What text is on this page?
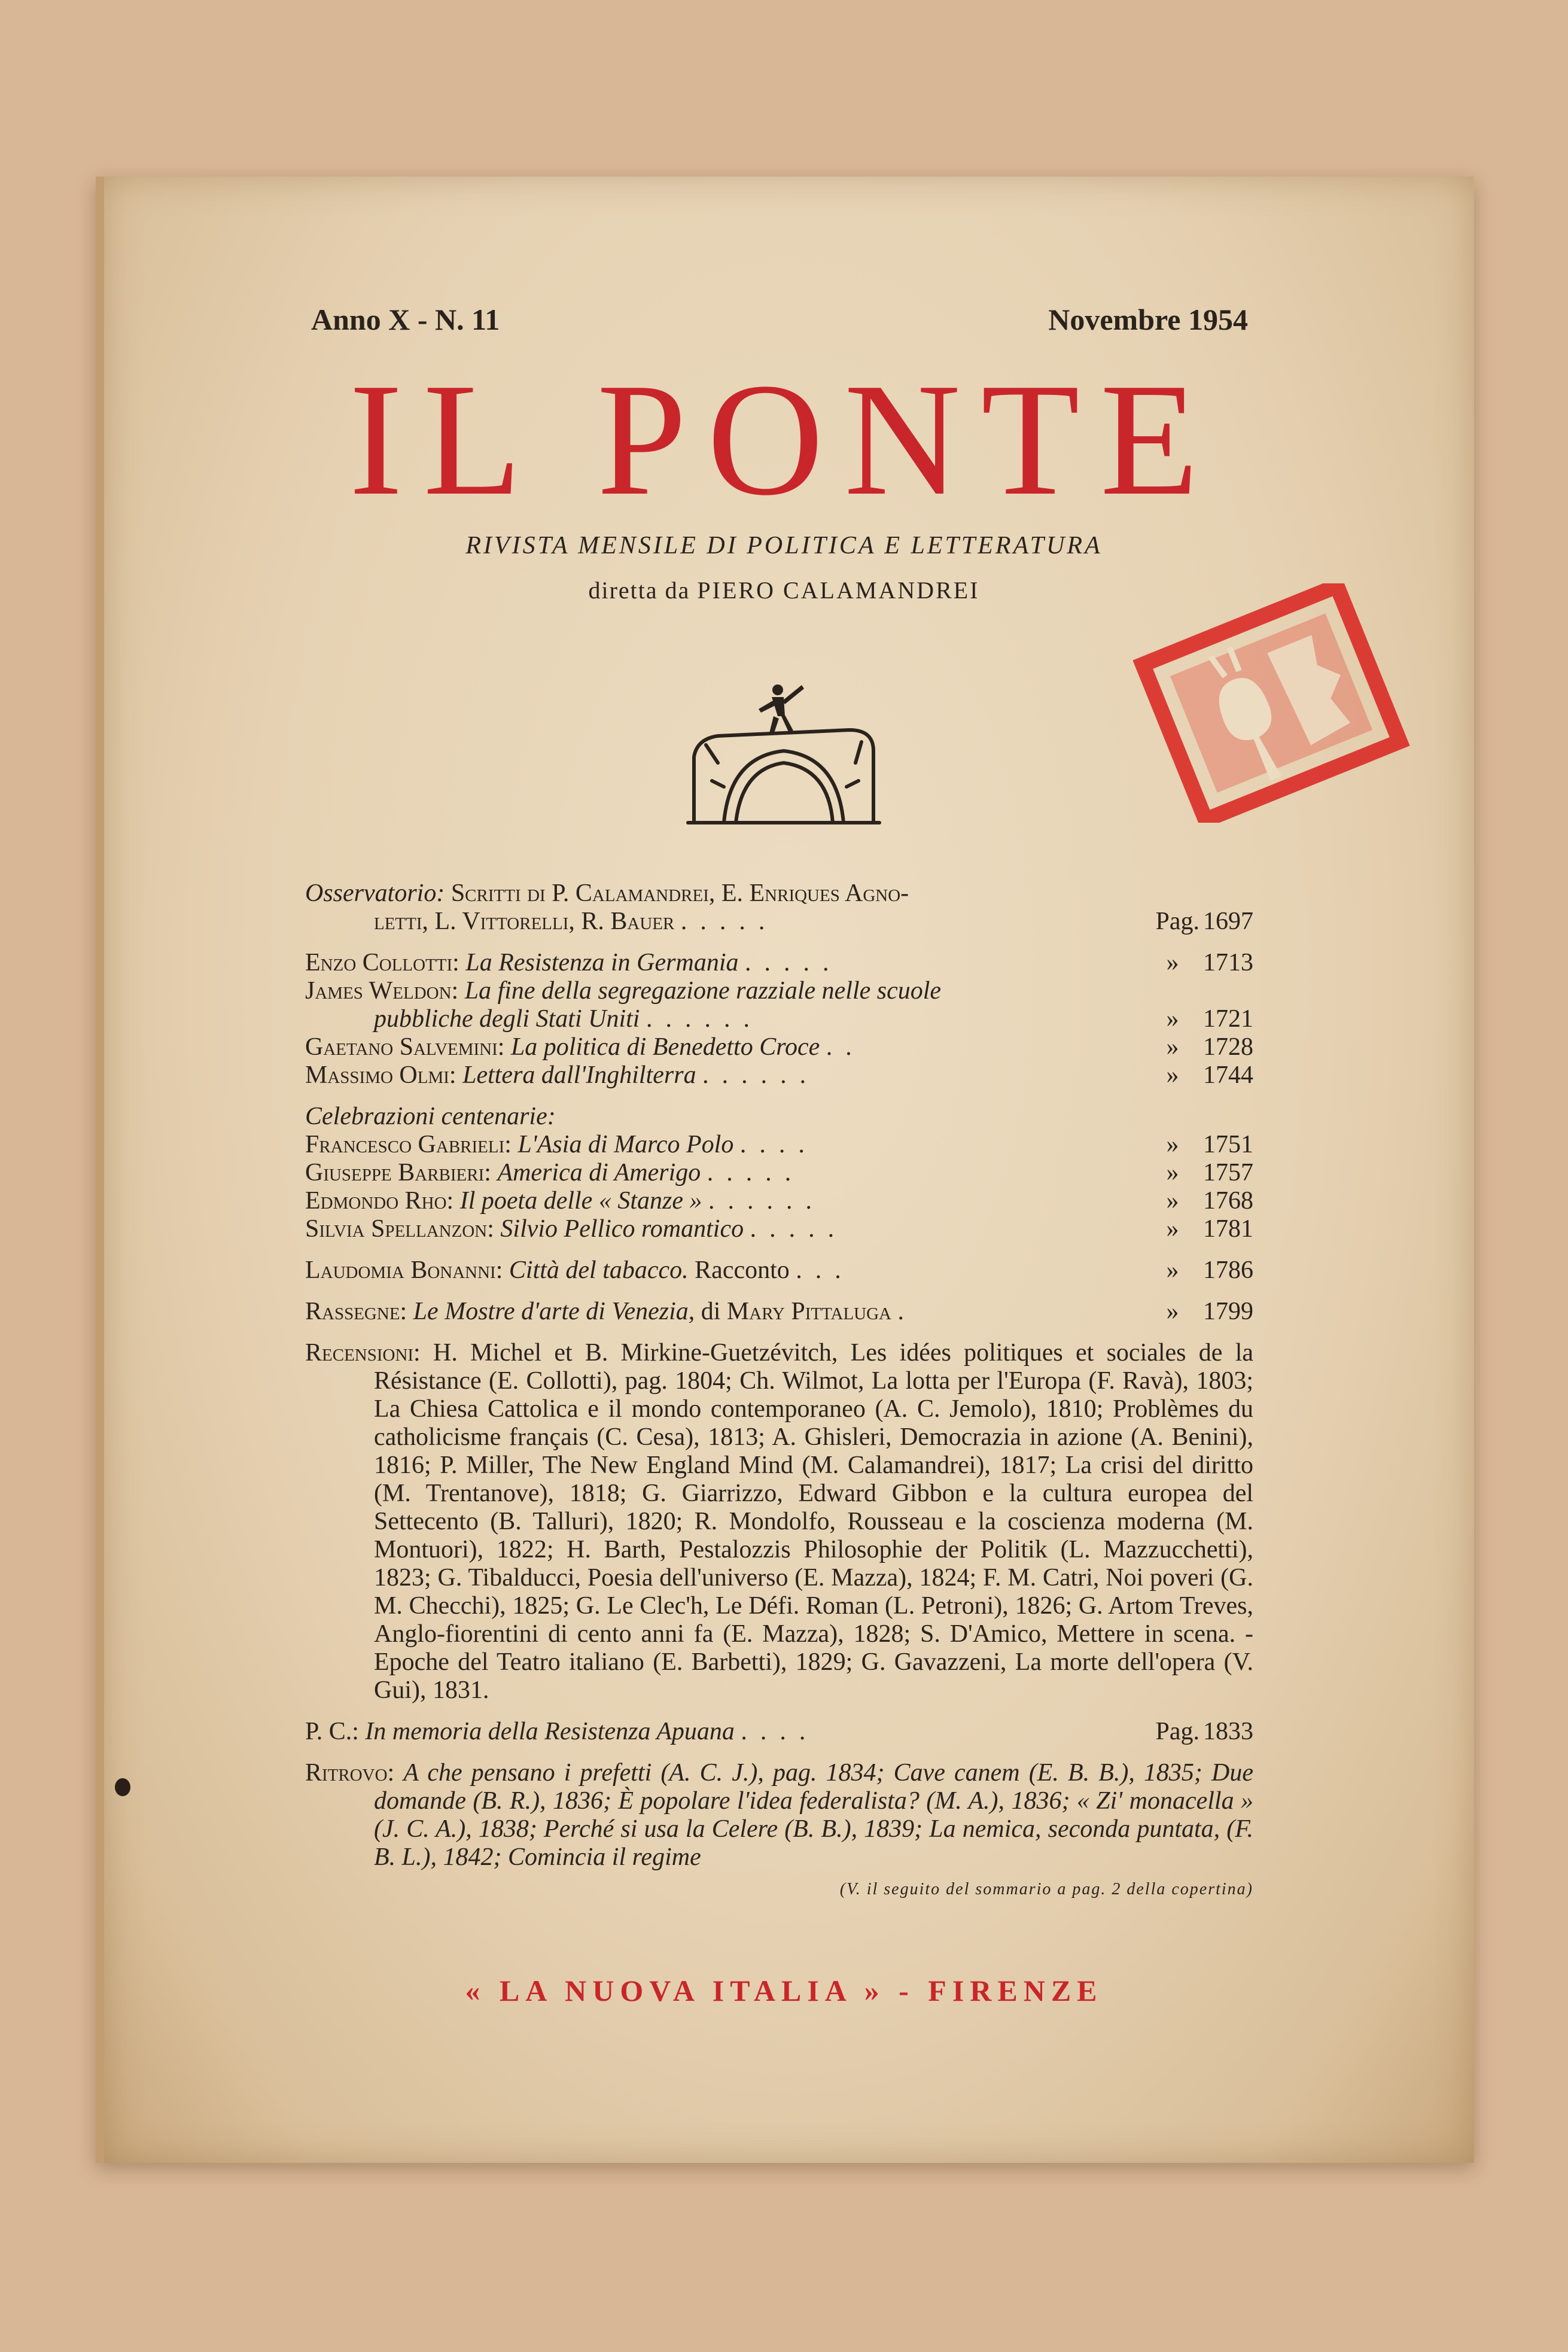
Anno X - N. 11	Novembre 1954
IL PONTE
RIVISTA MENSILE DI POLITICA E LETTERATURA
diretta da PIERO CALAMANDREI
Osservatorio: Scritti di P. Calamandrei, E. Enriques Agno-
letti, L. Vittorelli, R. Bauer .....	Pag. 1697
Enzo Collotti: La Resistenza in Germania .....	» 1713
James Weldon: La fine della segregazione razziale nelle scuole
pubbliche degli Stati Uniti ......	» 1721
Gaetano Salvemini: La politica di Benedetto Croce ..	» 1728
Massimo Olmi: Lettera dall'Inghilterra ......	» 1744
Celebrazioni centenarie:
Francesco Gabrieli: L'Asia di Marco Polo ....	» 1751
Giuseppe Barbieri: America di Amerigo .....	» 1757
Edmondo Rho: Il poeta delle « Stanze » ......	» 1768
Silvia Spellanzon: Silvio Pellico romantico .....	» 1781
Laudomia Bonanni: Città del tabacco. Racconto ...	» 1786
Rassegne: Le Mostre d'arte di Venezia, di Mary Pittaluga .	» 1799
Recensioni: H. Michel et B. Mirkine-Guetzévitch, Les idées politiques et sociales de la Résistance (E. Collotti), pag. 1804; Ch. Wilmot, La lotta per l'Europa (F. Ravà), 1803; La Chiesa Cattolica e il mondo contemporaneo (A. C. Jemolo), 1810; Problèmes du catholicisme français (C. Cesa), 1813; A. Ghisleri, Democrazia in azione (A. Benini), 1816; P. Miller, The New England Mind (M. Calamandrei), 1817; La crisi del diritto (M. Trentanove), 1818; G. Giarrizzo, Edward Gibbon e la cultura europea del Settecento (B. Talluri), 1820; R. Mondolfo, Rousseau e la coscienza moderna (M. Montuori), 1822; H. Barth, Pestalozzis Philosophie der Politik (L. Mazzucchetti), 1823; G. Tibalducci, Poesia dell'universo (E. Mazza), 1824; F. M. Catri, Noi poveri (G. M. Checchi), 1825; G. Le Clec'h, Le Défi. Roman (L. Petroni), 1826; G. Artom Treves, Anglo-fiorentini di cento anni fa (E. Mazza), 1828; S. D'Amico, Mettere in scena. - Epoche del Teatro italiano (E. Barbetti), 1829; G. Gavazzeni, La morte dell'opera (V. Gui), 1831.
P. C.: In memoria della Resistenza Apuana ....	Pag. 1833
Ritrovo: A che pensano i prefetti (A. C. J.), pag. 1834; Cave canem (E. B. B.), 1835; Due domande (B. R.), 1836; È popolare l'idea federalista? (M. A.), 1836; « Zi' monacella » (J. C. A.), 1838; Perché si usa la Celere (B. B.), 1839; La nemica, seconda puntata, (F. B. L.), 1842; Comincia il regime
(V. il seguito del sommario a pag. 2 della copertina)
« LA NUOVA ITALIA » - FIRENZE
